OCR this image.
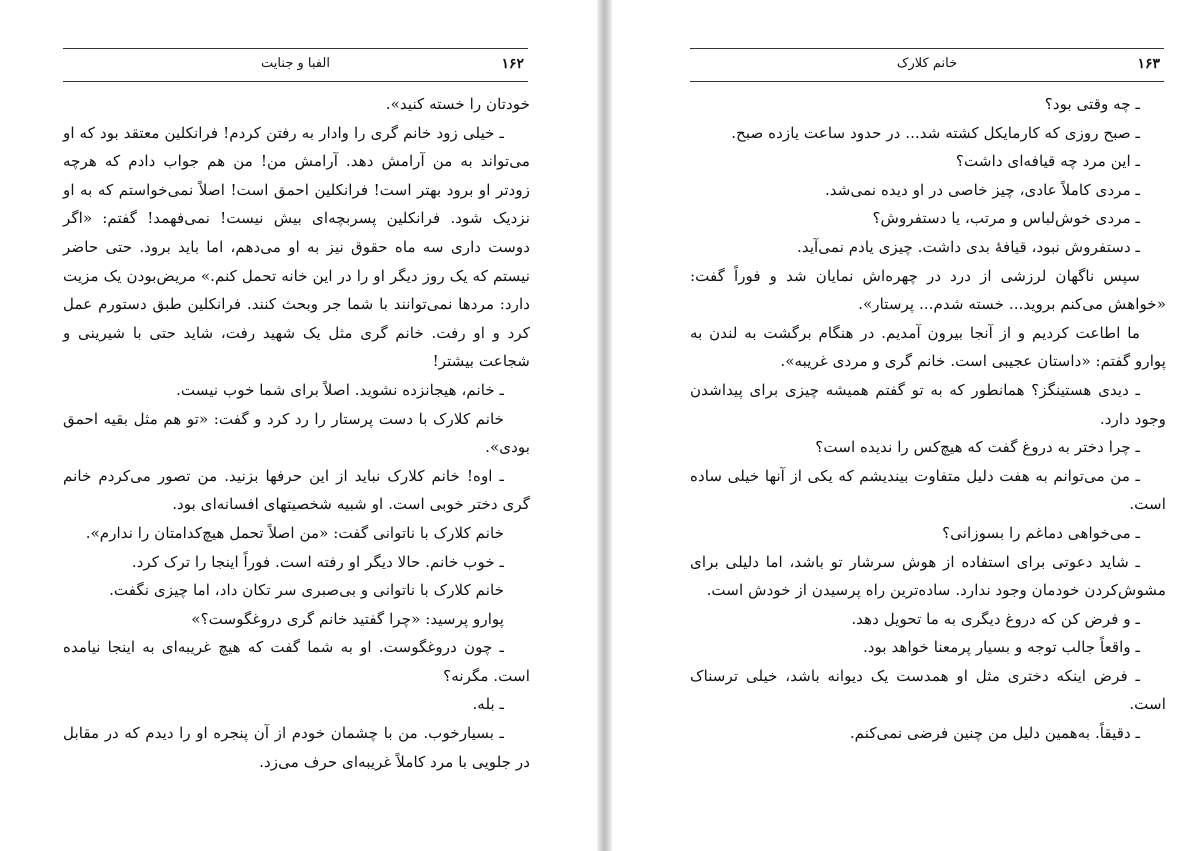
۱۶۲
الفبا و جنایت

خودتان را خسته کنید».

ـ خیلی زود خانم گری را وادار به رفتن کردم! فرانکلین معتقد بود که او می‌تواند به من آرامش دهد. آرامش من! من هم جواب دادم که هرچه زودتر او برود بهتر است! فرانکلین احمق است! اصلاً نمی‌خواستم که به او نزدیک شود. فرانکلین پسربچه‌ای بیش نیست! نمی‌فهمد! گفتم: «اگر دوست داری سه ماه حقوق نیز به او می‌دهم، اما باید برود. حتی حاضر نیستم که یک روز دیگر او را در این خانه تحمل کنم.» مریض‌بودن یک مزیت دارد: مردها نمی‌توانند با شما جر وبحث کنند. فرانکلین طبق دستورم عمل کرد و او رفت. خانم گری مثل یک شهید رفت، شاید حتی با شیرینی و شجاعت بیشتر!

ـ خانم، هیجانزده نشوید. اصلاً برای شما خوب نیست.

خانم کلارک با دست پرستار را رد کرد و گفت: «تو هم مثل بقیه احمق بودی».

ـ اوه! خانم کلارک نباید از این حرفها بزنید. من تصور می‌کردم خانم گری دختر خوبی است. او شبیه شخصیتهای افسانه‌ای بود.

خانم کلارک با ناتوانی گفت: «من اصلاً تحمل هیچ‌کدامتان را ندارم».

ـ خوب خانم. حالا دیگر او رفته است. فوراً اینجا را ترک کرد.

خانم کلارک با ناتوانی و بی‌صبری سر تکان داد، اما چیزی نگفت.

پوارو پرسید: «چرا گفتید خانم گری دروغگوست؟»

ـ چون دروغگوست. او به شما گفت که هیچ غریبه‌ای به اینجا نیامده است. مگرنه؟

ـ بله.

ـ بسیارخوب. من با چشمان خودم از آن پنجره او را دیدم که در مقابل در جلویی با مرد کاملاً غریبه‌ای حرف می‌زد.

۱۶۳
خانم کلارک

ـ چه وقتی بود؟

ـ صبح روزی که کارمایکل کشته شد... در حدود ساعت یازده صبح.

ـ این مرد چه قیافه‌ای داشت؟

ـ مردی کاملاً عادی، چیز خاصی در او دیده نمی‌شد.

ـ مردی خوش‌لباس و مرتب، یا دستفروش؟

ـ دستفروش نبود، قیافهٔ بدی داشت. چیزی یادم نمی‌آید.

سپس ناگهان لرزشی از درد در چهره‌اش نمایان شد و فوراً گفت: «خواهش می‌کنم بروید... خسته شدم... پرستار».

ما اطاعت کردیم و از آنجا بیرون آمدیم. در هنگام برگشت به لندن به پوارو گفتم: «داستان عجیبی است. خانم گری و مردی غریبه».

ـ دیدی هستینگز؟ همانطور که به تو گفتم همیشه چیزی برای پیداشدن وجود دارد.

ـ چرا دختر به دروغ گفت که هیچ‌کس را ندیده است؟

ـ من می‌توانم به هفت دلیل متفاوت بیندیشم که یکی از آنها خیلی ساده است.

ـ می‌خواهی دماغم را بسوزانی؟

ـ شاید دعوتی برای استفاده از هوش سرشار تو باشد، اما دلیلی برای مشوش‌کردن خودمان وجود ندارد. ساده‌ترین راه پرسیدن از خودش است.

ـ و فرض کن که دروغ دیگری به ما تحویل دهد.

ـ واقعاً جالب توجه و بسیار پرمعنا خواهد بود.

ـ فرض اینکه دختری مثل او همدست یک دیوانه باشد، خیلی ترسناک است.

ـ دقیقاً. به‌همین دلیل من چنین فرضی نمی‌کنم.
